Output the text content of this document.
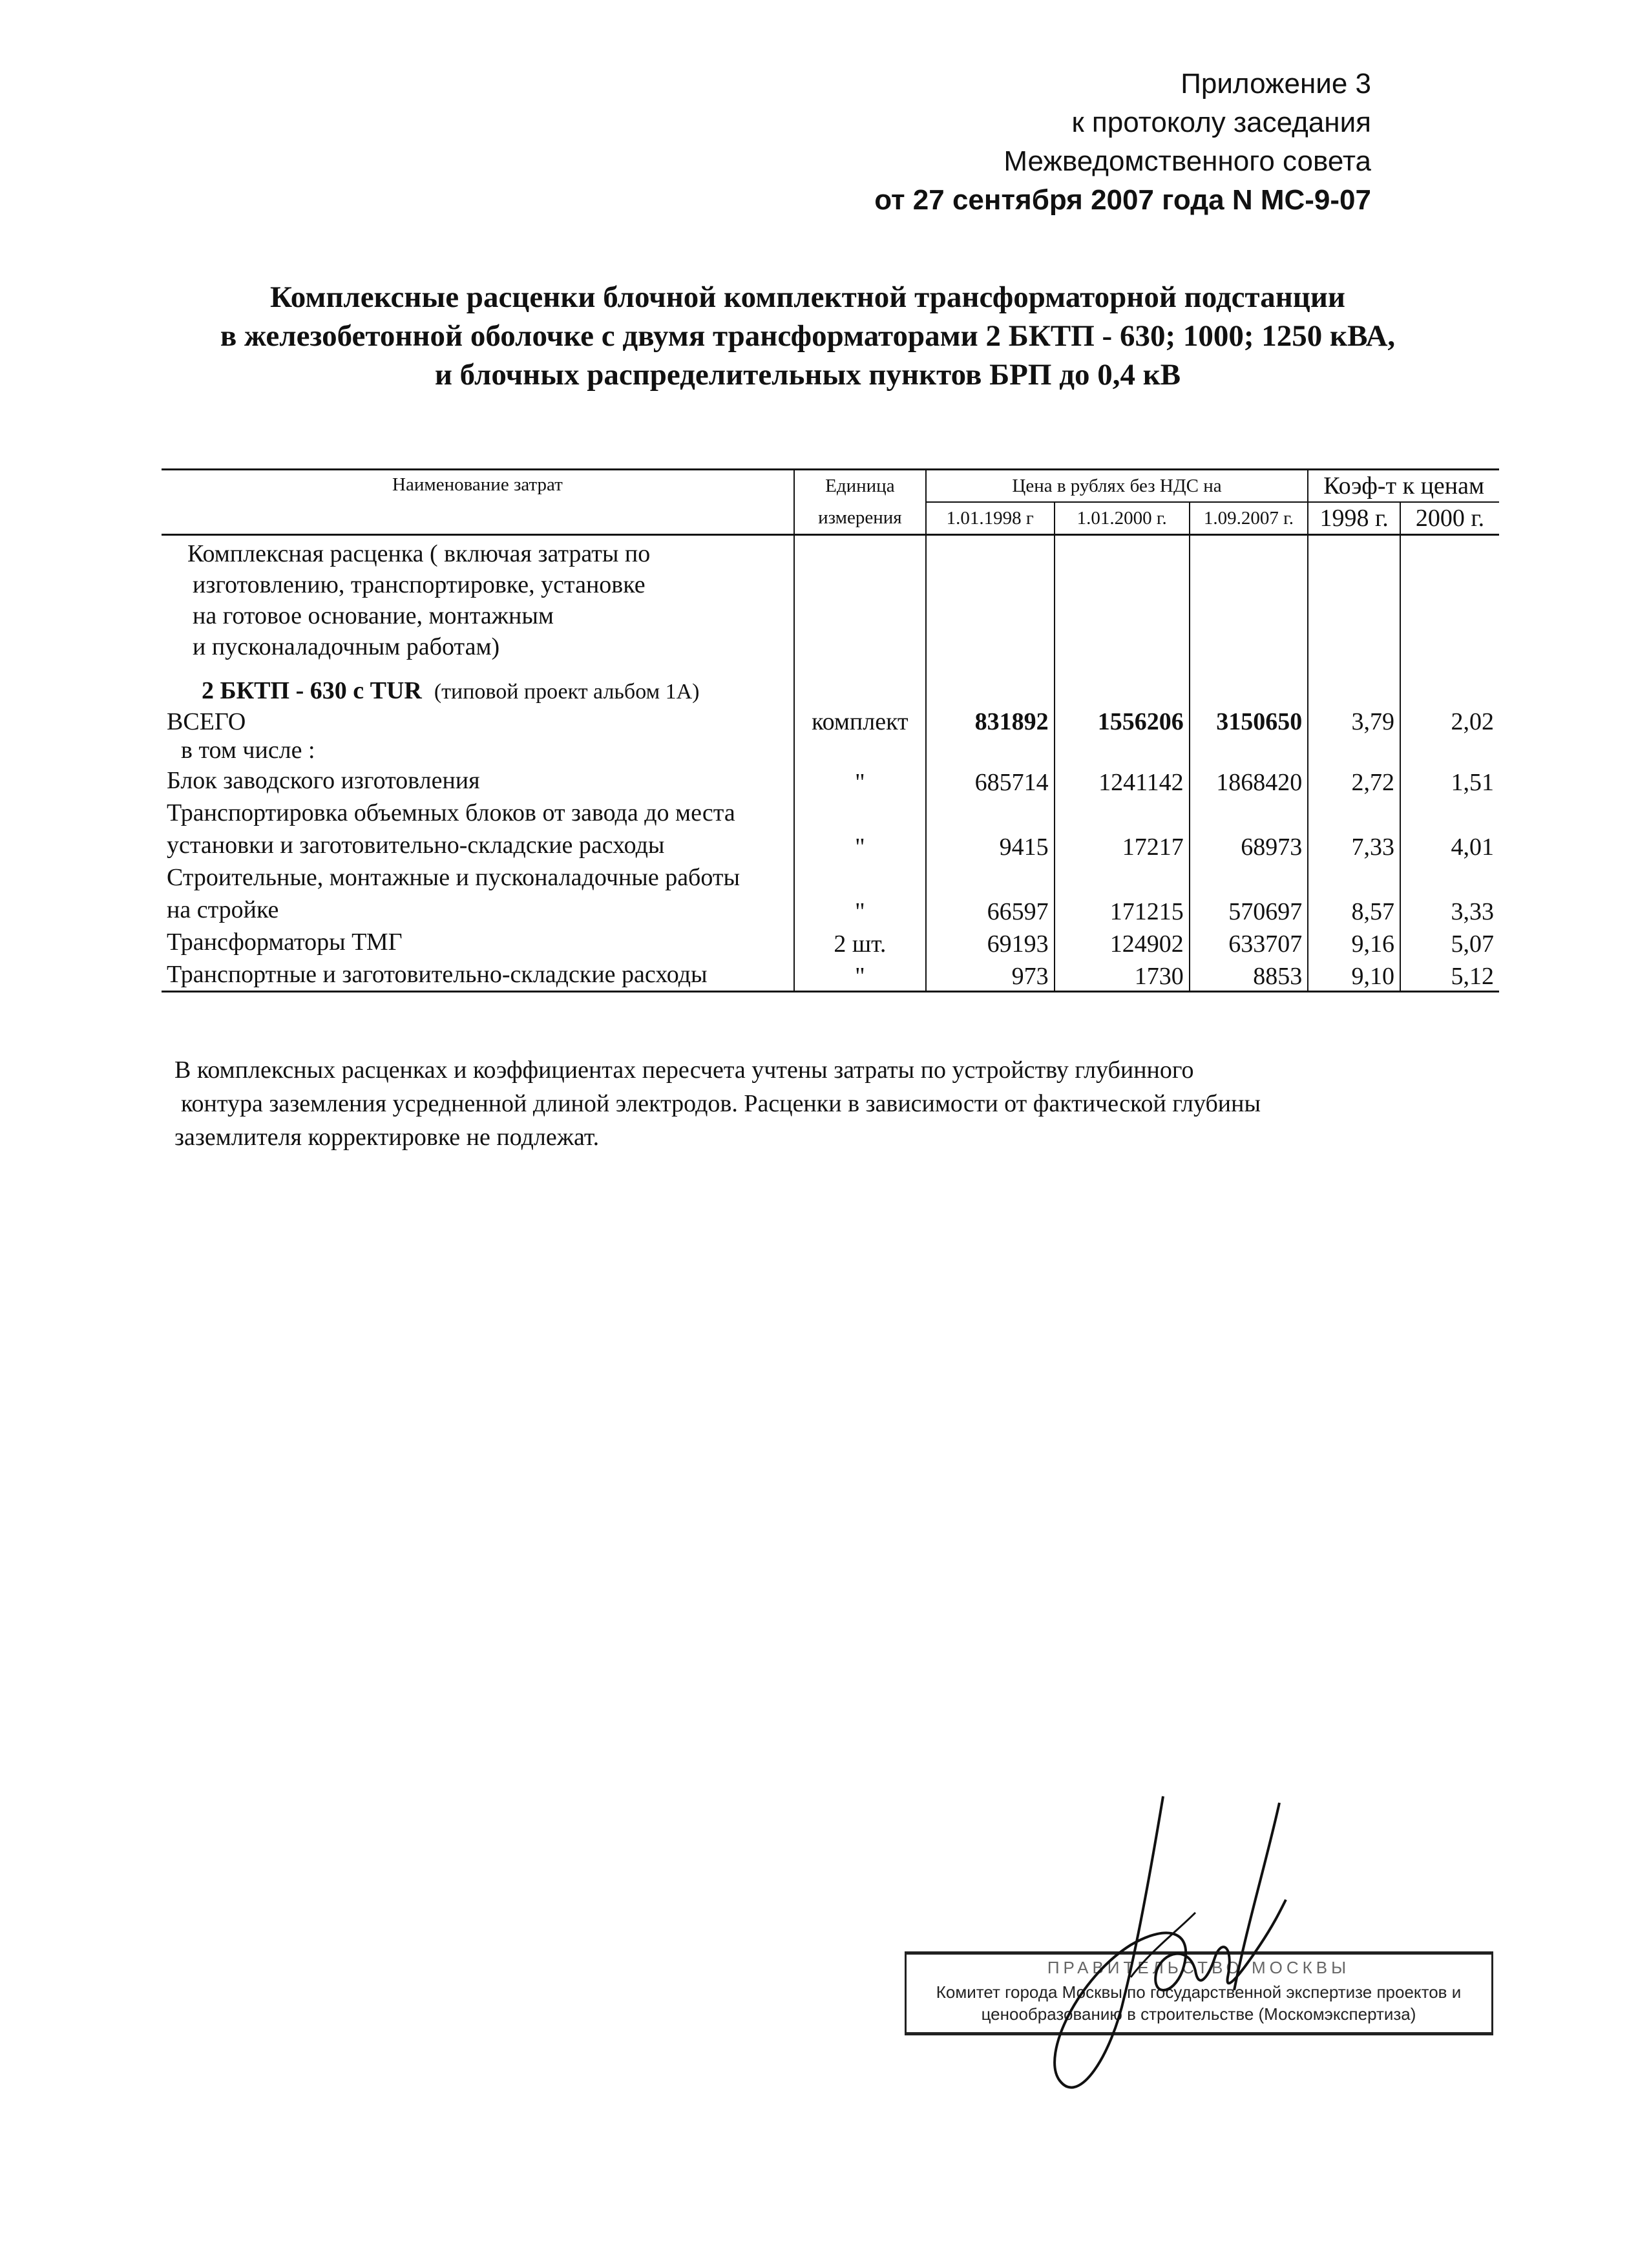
Приложение 3
к протоколу заседания
Межведомственного совета
от 27 сентября 2007 года N МС-9-07
Комплексные расценки блочной комплектной трансформаторной подстанции
в железобетонной оболочке с двумя трансформаторами 2 БКТП - 630; 1000; 1250 кВА,
и блочных распределительных пунктов БРП до 0,4 кВ
Наименование затрат	Единица	Цена в рублях без НДС на			Коэф-т к ценам	
	измерения	1.01.1998 г	1.01.2000 г.	1.09.2007 г.	1998 г.	2000 г.

Комплексная расценка ( включая затраты по
изготовлению, транспортировке, установке
на готовое основание, монтажным
и пусконаладочным работам)
2 БКТП - 630 с TUR (типовой проект альбом 1А)						

ВСЕГО	комплект	831892	1556206	3150650	3,79	2,02
в том числе :						

Блок заводского изготовления	"	685714	1241142	1868420	2,72	1,51

Транспортировка объемных блоков от завода до места
установки и заготовительно-складские расходы	"	9415	17217	68973	7,33	4,01

Строительные, монтажные и пусконаладочные работы
на стройке	"	66597	171215	570697	8,57	3,33

Трансформаторы ТМГ	2 шт.	69193	124902	633707	9,16	5,07

Транспортные и заготовительно-складские расходы	"	973	1730	8853	9,10	5,12

В комплексных расценках и коэффициентах пересчета учтены затраты по устройству глубинного

контура заземления усредненной длиной электродов. Расценки в зависимости от фактической глубины

заземлителя корректировке не подлежат.

ПРАВИТЕЛЬСТВО МОСКВЫ
Комитет города Москвы по государственной экспертизе проектов и
ценообразованию в строительстве (Москомэкспертиза)
